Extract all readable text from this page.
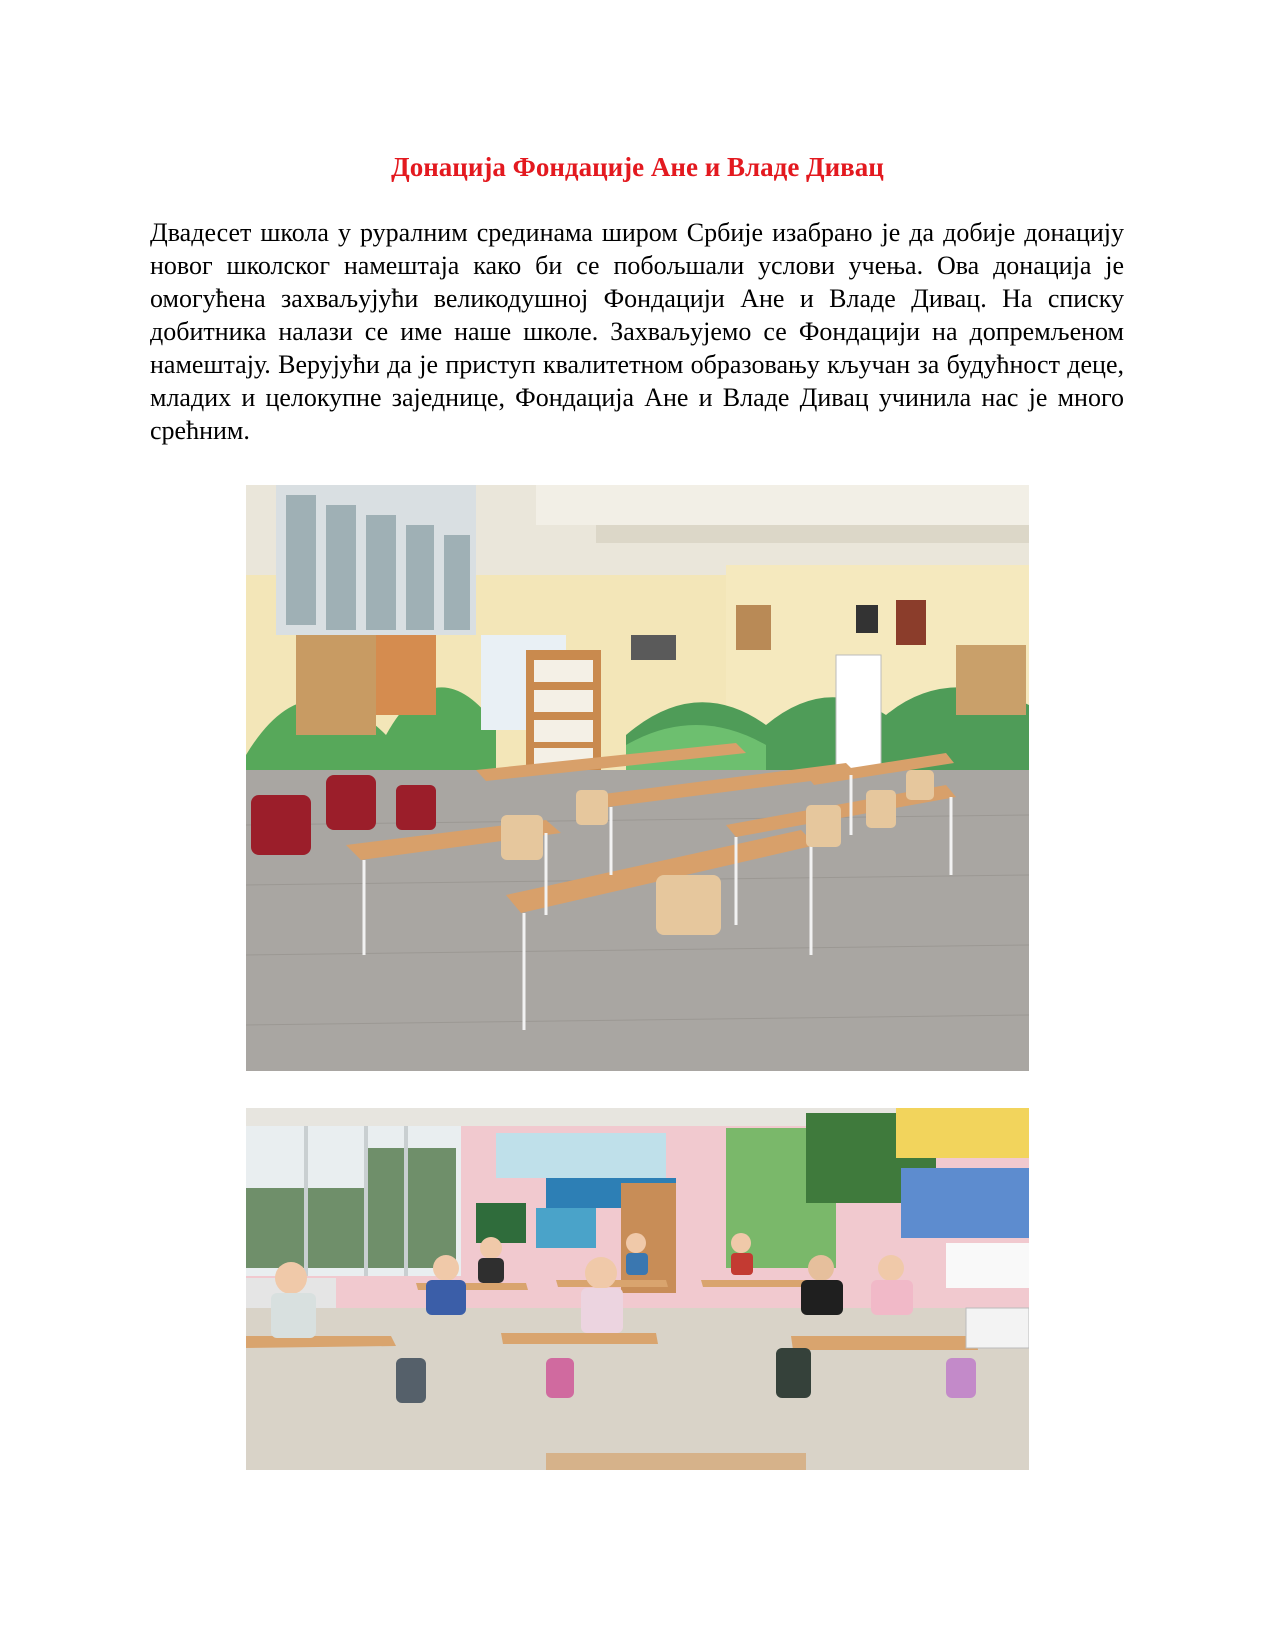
Донација Фондације Ане и Владе Дивац

Двадесет школа у руралним срединама широм Србије изабрано је да добије донацију новог школског намештаја како би се побољшали услови учења. Ова донација је омогућена захваљујући великодушној Фондацији Ане и Владе Дивац. На списку добитника налази се име наше школе. Захваљујемо се Фондацији на допремљеном намештају. Верујући да је приступ квалитетном образовању кључан за будућност деце, младих и целокупне заједнице, Фондација Ане и Владе Дивац учинила нас је много срећним.
